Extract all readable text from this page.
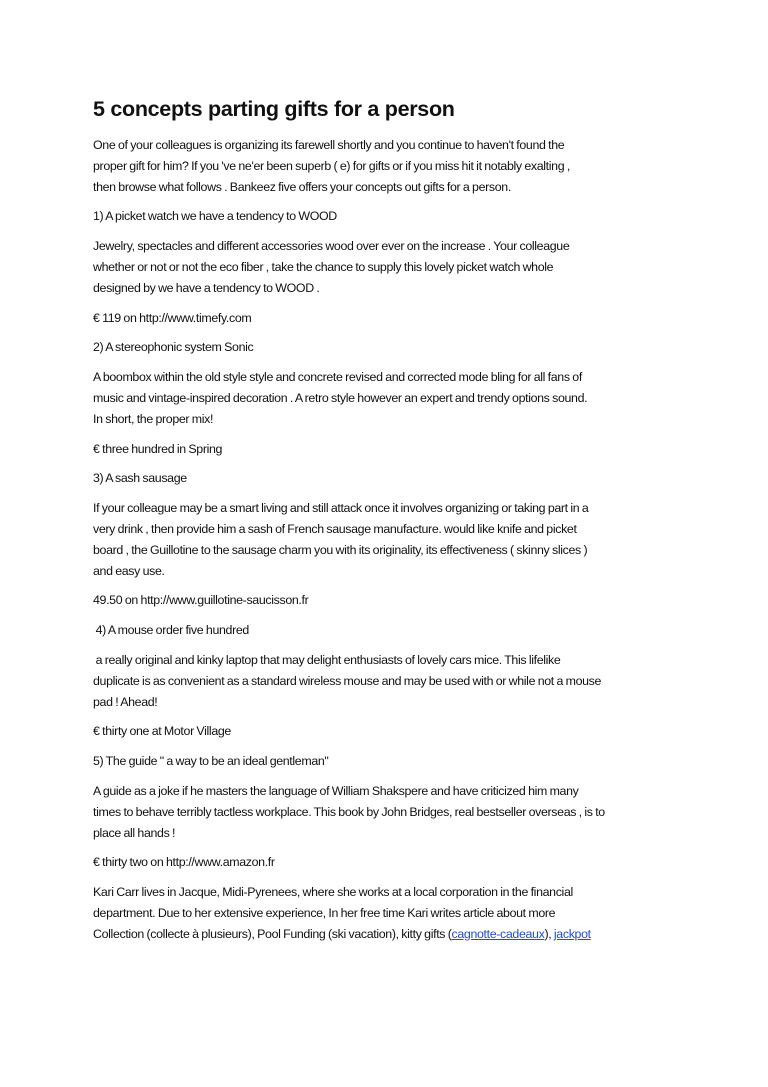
5 concepts parting gifts for a person

One of your colleagues is organizing its farewell shortly and you continue to haven't found the
proper gift for him? If you 've ne'er been superb ( e) for gifts or if you miss hit it notably exalting ,
then browse what follows . Bankeez five offers your concepts out gifts for a person.

1) A picket watch we have a tendency to WOOD

Jewelry, spectacles and different accessories wood over ever on the increase . Your colleague
whether or not or not the eco fiber , take the chance to supply this lovely picket watch whole
designed by we have a tendency to WOOD .

€ 119 on http://www.timefy.com

2) A stereophonic system Sonic

A boombox within the old style style and concrete revised and corrected mode bling for all fans of
music and vintage-inspired decoration . A retro style however an expert and trendy options sound.
In short, the proper mix!

€ three hundred in Spring

3) A sash sausage

If your colleague may be a smart living and still attack once it involves organizing or taking part in a
very drink , then provide him a sash of French sausage manufacture. would like knife and picket
board , the Guillotine to the sausage charm you with its originality, its effectiveness ( skinny slices )
and easy use.

49.50 on http://www.guillotine-saucisson.fr

4) A mouse order five hundred

a really original and kinky laptop that may delight enthusiasts of lovely cars mice. This lifelike
duplicate is as convenient as a standard wireless mouse and may be used with or while not a mouse
pad ! Ahead!

€ thirty one at Motor Village

5) The guide " a way to be an ideal gentleman"

A guide as a joke if he masters the language of William Shakspere and have criticized him many
times to behave terribly tactless workplace. This book by John Bridges, real bestseller overseas , is to
place all hands !

€ thirty two on http://www.amazon.fr

Kari Carr lives in Jacque, Midi-Pyrenees, where she works at a local corporation in the financial
department. Due to her extensive experience, In her free time Kari writes article about more
Collection (collecte à plusieurs), Pool Funding (ski vacation), kitty gifts (cagnotte-cadeaux), jackpot
